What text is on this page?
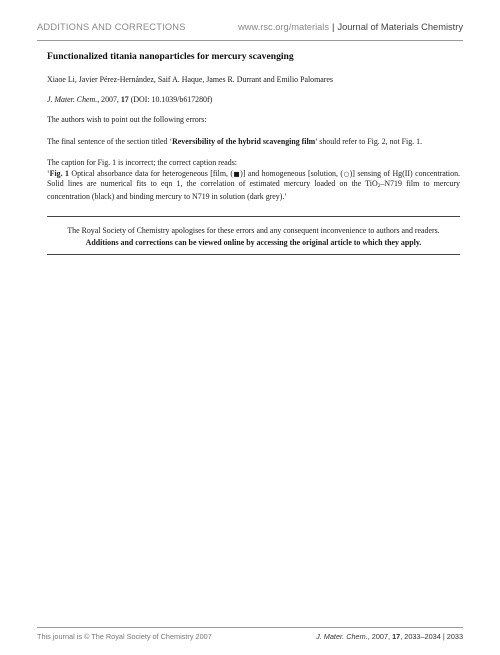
ADDITIONS AND CORRECTIONS	www.rsc.org/materials | Journal of Materials Chemistry
Functionalized titania nanoparticles for mercury scavenging
Xiaoe Li, Javier Pérez-Hernández, Saif A. Haque, James R. Durrant and Emilio Palomares
J. Mater. Chem., 2007, 17 (DOI: 10.1039/b617280f)
The authors wish to point out the following errors:
The final sentence of the section titled ‘Reversibility of the hybrid scavenging film’ should refer to Fig. 2, not Fig. 1.
The caption for Fig. 1 is incorrect; the correct caption reads:
‘Fig. 1 Optical absorbance data for heterogeneous [film, (■)] and homogeneous [solution, (○)] sensing of Hg(II) concentration. Solid lines are numerical fits to eqn 1, the correlation of estimated mercury loaded on the TiO$_2$–N719 film to mercury concentration (black) and binding mercury to N719 in solution (dark grey).’
The Royal Society of Chemistry apologises for these errors and any consequent inconvenience to authors and readers.
Additions and corrections can be viewed online by accessing the original article to which they apply.
This journal is © The Royal Society of Chemistry 2007	J. Mater. Chem., 2007, 17, 2033–2034 | 2033
